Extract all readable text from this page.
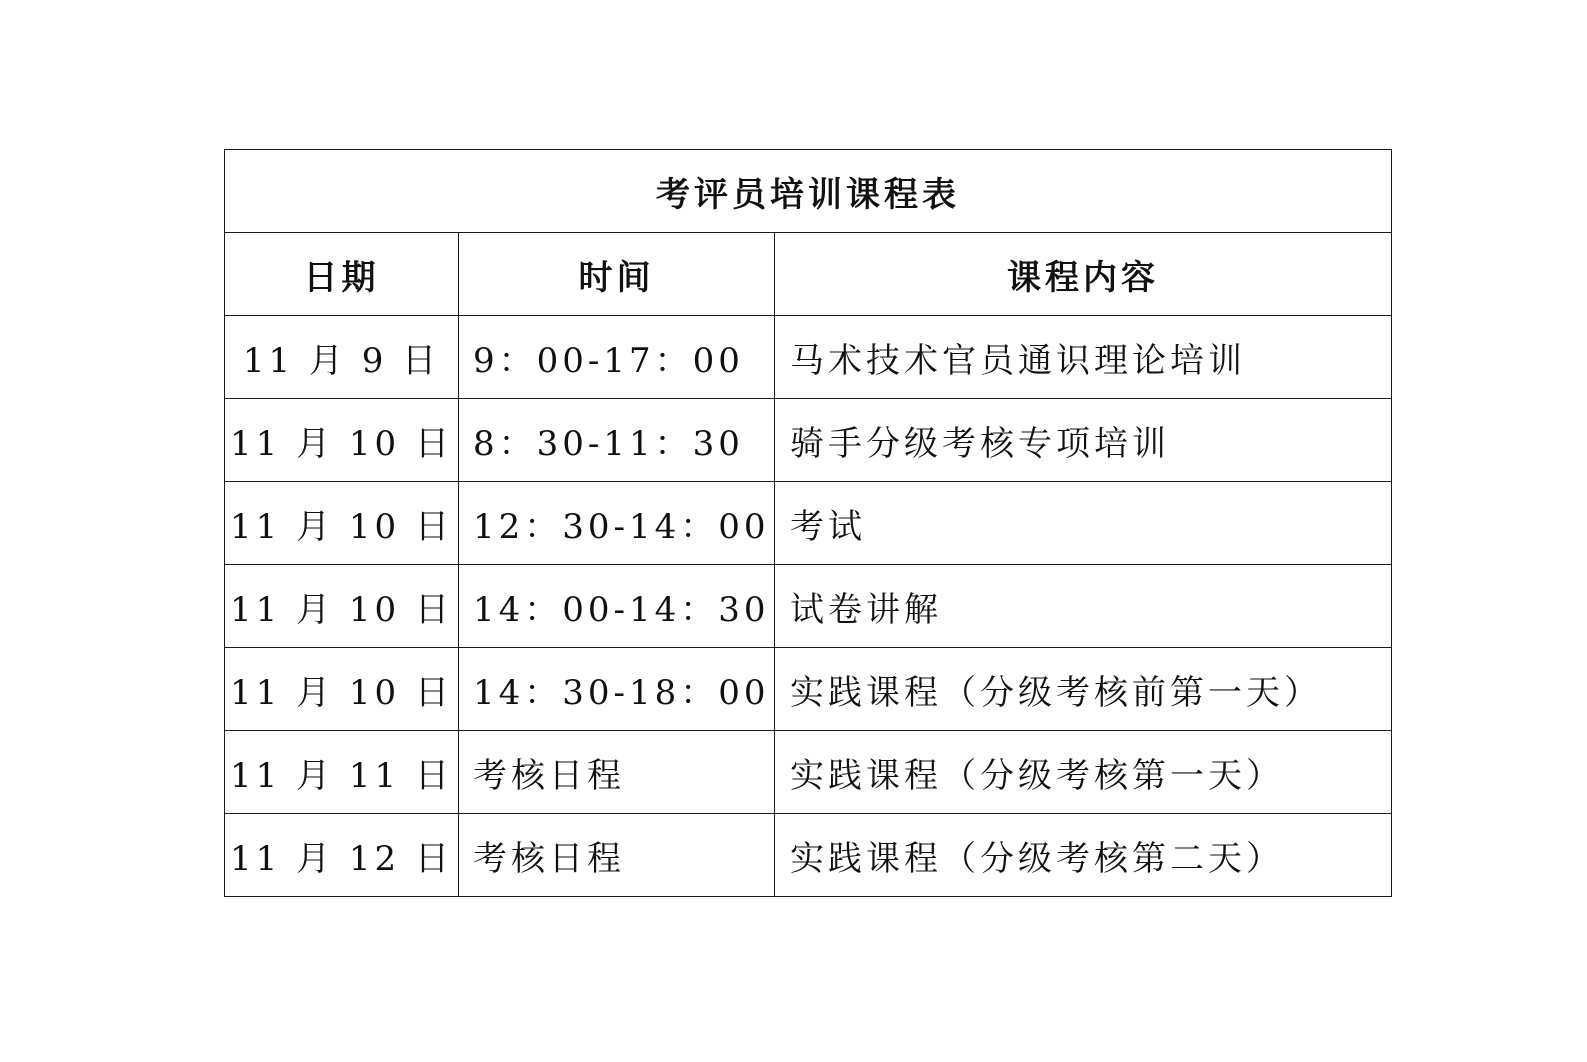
考评员培训课程表		
日期	时间	课程内容
11 月 9 日	9：00-17：00	马术技术官员通识理论培训
11 月 10 日	8：30-11：30	骑手分级考核专项培训
11 月 10 日	12：30-14：00	考试
11 月 10 日	14：00-14：30	试卷讲解
11 月 10 日	14：30-18：00	实践课程（分级考核前第一天）
11 月 11 日	考核日程	实践课程（分级考核第一天）
11 月 12 日	考核日程	实践课程（分级考核第二天）
